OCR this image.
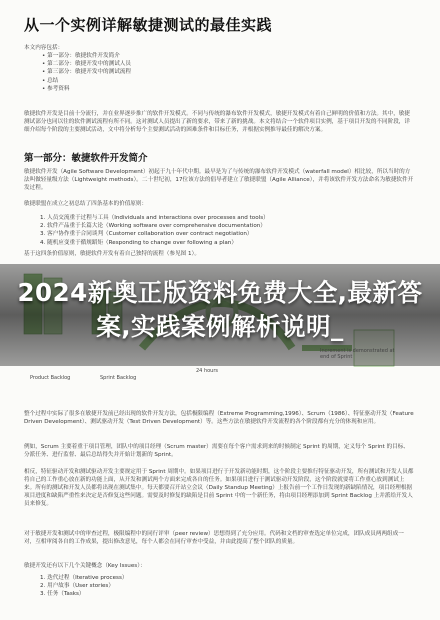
从一个实例详解敏捷测试的最佳实践
本文内容包括：
• 第一部分：敏捷软件开发简介
• 第二部分：敏捷开发中的测试人员
• 第三部分：敏捷开发中的测试流程
• 总结
• 参考资料
敏捷软件开发是目前十分流行，并在业界逐步推广的软件开发模式。不同与传统的瀑布软件开发模式，敏捷开发模式有着自己鲜明的价值和方法。其中，敏捷测试部分也同以往的软件测试流程有所不同。这对测试人员提出了新的要求，带来了新的挑战。本文将结合一个软件项目实例，基于项目开发的不同阶段，详细介绍每个阶段的主要测试活动，文中将分析每个主要测试活动的困难条件和目标任务，并根据实例推导最佳的解决方案。
第一部分：敏捷软件开发简介
敏捷软件开发（Agile Software Development）初起于九十年代中期。最早是为了与传统的瀑布软件开发模式（waterfall model）相比较，所以当时的方法叫做轻量级方法（Lightweight methods）。二十世纪初，17位该方法的倡导者建立了敏捷联盟（Agile Alliance），并将该软件开发方法命名为敏捷软件开发过程。
敏捷联盟在成立之初总结了四条基本的价值原则：
1. 人员交流重于过程与工具（Individuals and interactions over processes and tools）
2. 软件产品重于长篇大论（Working software over comprehensive documentation）
3. 客户协作重于合同谈判（Customer collaboration over contract negotiation）
4. 随机应变重于循规蹈矩（Responding to change over following a plan）
基于这四条价值原则，敏捷软件开发有着自己独特的流程（参见图 1）。
Product Backlog	Sprint Backlog
24 hours
2024新奥正版资料免费大全,最新答案,实践案例解析说明_
整个过程中实际了很多在敏捷开发前已经出现的软件开发方法，包括极限编程（Extreme Programming,1996）、Scrum（1986）、特征驱动开发（Feature Driven Development）、测试驱动开发（Test Driven Development）等。这些方法在敏捷软件开发流程的各个阶段都有充分的体现和应用。
例如，Scrum 主要着重于项目管理，团队中的项目经理（Scrum master）需要在每个客户需求到来的时候制定 Sprint 的周期，定义每个 Sprint 的目标、分派任务、进行监督、最后总结得失并开始计划新的 Sprint。
相反，特征驱动开发和测试驱动开发主要规定用于 Sprint 周期中。如果项目进行于开发新功能时期，这个阶段主要推行特征驱动开发，所有测试和开发人员都将自己的工作重心放在新的功能上面，从开发和测试两个方面来完成各自的任务。如果项目进行于测试驱动开发阶段，这个阶段就要将工作重心放到测试上来。所有的测试和开发人员都将出现在测试集中。每天都要召开站立会议（Daily Standup Meeting）上报告前一个工作日发现的新缺陷情况，项目经理根据项目进度和缺陷严重性来决定是否修复这些问题。需要及时修复的缺陷是目前 Sprint 中的一个新任务，将由项目经理添加到 Sprint Backlog 上并派给开发人员来修复。
对于敏捷开发和测试中的审查过程，极限编程中的同行评审（peer review）思想得到了充分应用。代码和文档的审查选定单位完成，团队成员两两组成一对，互相审阅各自的工作成果，提出修改意见，每个人都会在同行审查中受益，并由此提高了整个团队的质量。
敏捷开发还有以下几个关键概念（Key Issues）：
1. 迭代过程（Iterative process）
2. 用户故事（User stories）
3. 任务（Tasks）
